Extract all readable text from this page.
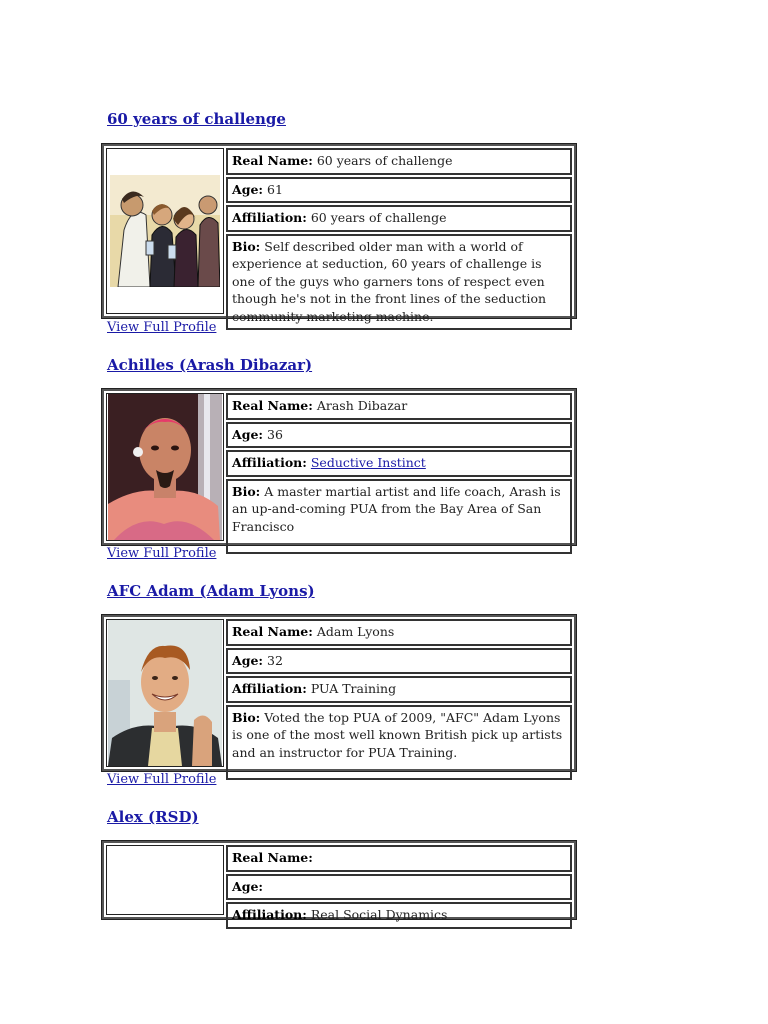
60 years of challenge
Real Name: 60 years of challenge
Age: 61
Affiliation: 60 years of challenge
Bio: Self described older man with a world of experience at seduction, 60 years of challenge is one of the guys who garners tons of respect even though he's not in the front lines of the seduction community marketing machine.
View Full Profile
Achilles (Arash Dibazar)
Real Name: Arash Dibazar
Age: 36
Affiliation: Seductive Instinct
Bio: A master martial artist and life coach, Arash is an up-and-coming PUA from the Bay Area of San Francisco
View Full Profile
AFC Adam (Adam Lyons)
Real Name: Adam Lyons
Age: 32
Affiliation: PUA Training
Bio: Voted the top PUA of 2009, "AFC" Adam Lyons is one of the most well known British pick up artists and an instructor for PUA Training.
View Full Profile
Alex (RSD)
Real Name:
Age:
Affiliation: Real Social Dynamics
